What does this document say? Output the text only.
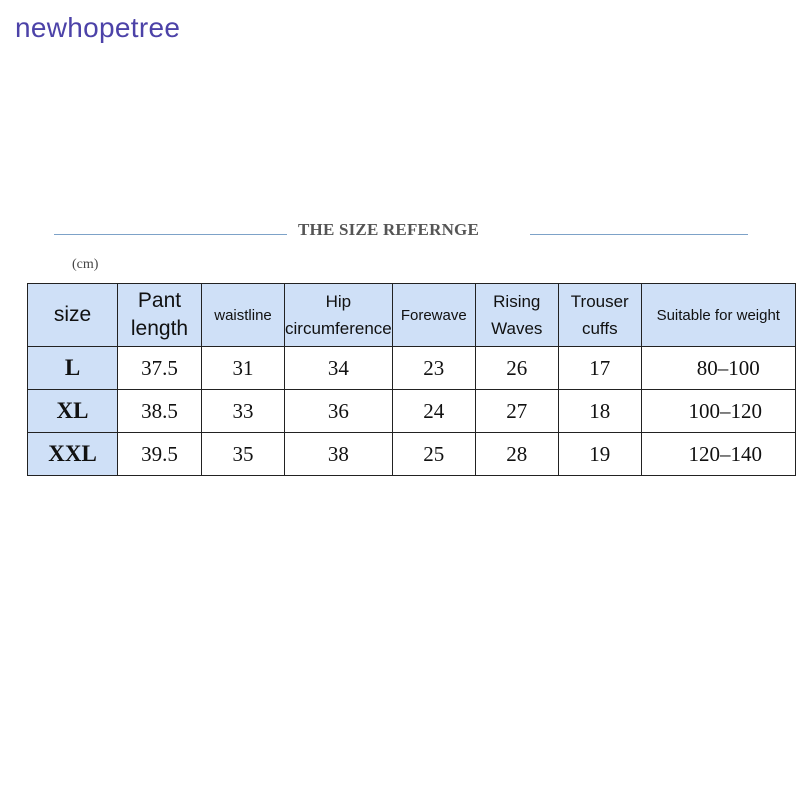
newhopetree
THE SIZE REFERNGE
(cm)
size	Pant length	waistline	Hip circumference	Forewave	Rising Waves	Trouser cuffs	Suitable for weight
L	37.5	31	34	23	26	17	80–100
XL	38.5	33	36	24	27	18	100–120
XXL	39.5	35	38	25	28	19	120–140
